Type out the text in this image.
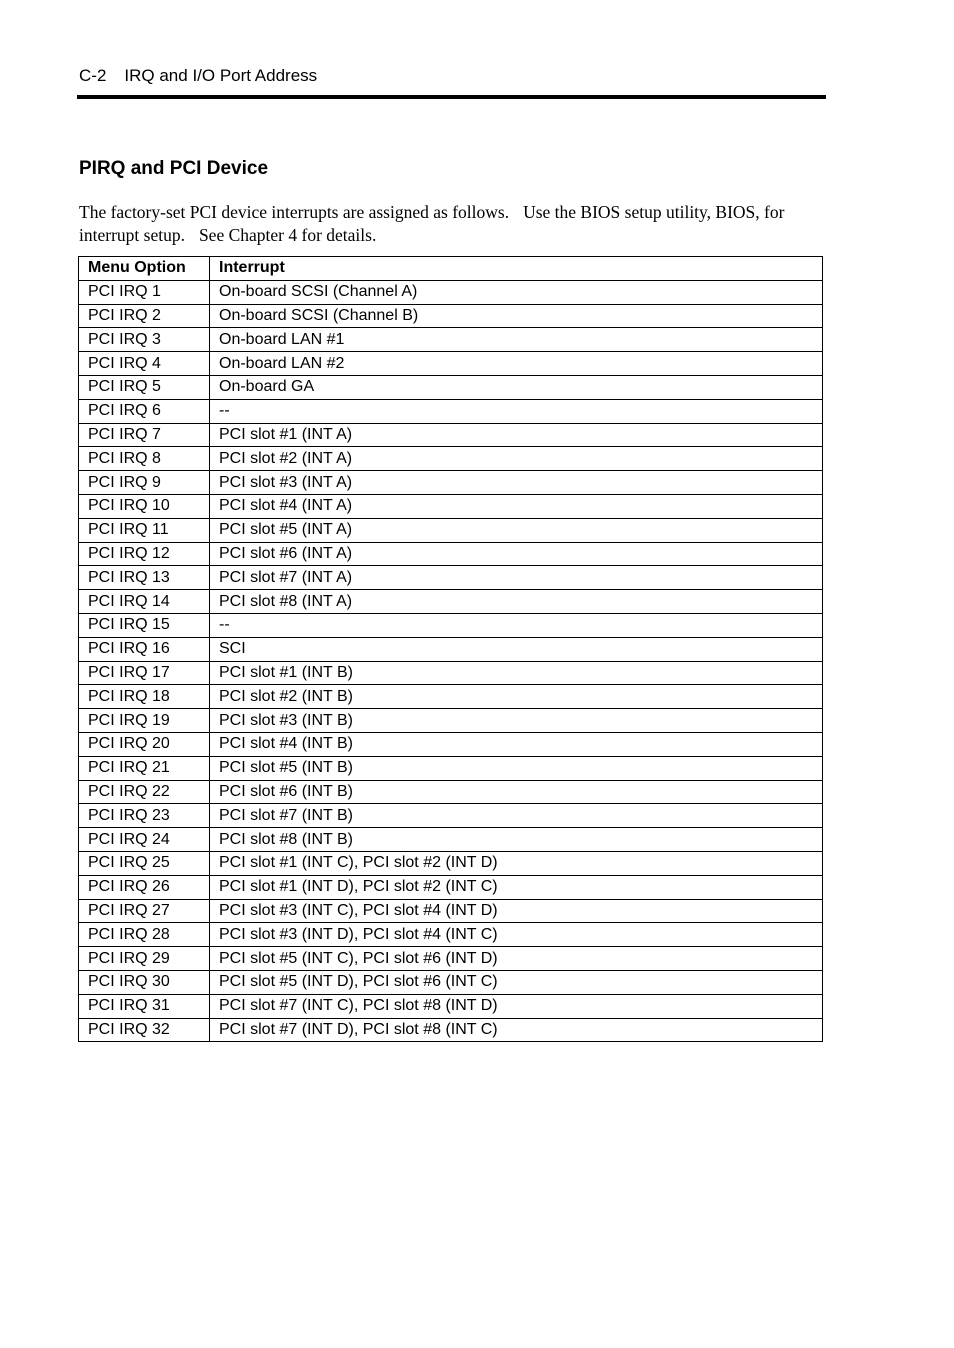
C-2 IRQ and I/O Port Address
PIRQ and PCI Device

The factory-set PCI device interrupts are assigned as follows. Use the BIOS setup utility, BIOS, for interrupt setup. See Chapter 4 for details.

Menu Option	Interrupt
PCI IRQ 1	On-board SCSI (Channel A)
PCI IRQ 2	On-board SCSI (Channel B)
PCI IRQ 3	On-board LAN #1
PCI IRQ 4	On-board LAN #2
PCI IRQ 5	On-board GA
PCI IRQ 6	--
PCI IRQ 7	PCI slot #1 (INT A)
PCI IRQ 8	PCI slot #2 (INT A)
PCI IRQ 9	PCI slot #3 (INT A)
PCI IRQ 10	PCI slot #4 (INT A)
PCI IRQ 11	PCI slot #5 (INT A)
PCI IRQ 12	PCI slot #6 (INT A)
PCI IRQ 13	PCI slot #7 (INT A)
PCI IRQ 14	PCI slot #8 (INT A)
PCI IRQ 15	--
PCI IRQ 16	SCI
PCI IRQ 17	PCI slot #1 (INT B)
PCI IRQ 18	PCI slot #2 (INT B)
PCI IRQ 19	PCI slot #3 (INT B)
PCI IRQ 20	PCI slot #4 (INT B)
PCI IRQ 21	PCI slot #5 (INT B)
PCI IRQ 22	PCI slot #6 (INT B)
PCI IRQ 23	PCI slot #7 (INT B)
PCI IRQ 24	PCI slot #8 (INT B)
PCI IRQ 25	PCI slot #1 (INT C), PCI slot #2 (INT D)
PCI IRQ 26	PCI slot #1 (INT D), PCI slot #2 (INT C)
PCI IRQ 27	PCI slot #3 (INT C), PCI slot #4 (INT D)
PCI IRQ 28	PCI slot #3 (INT D), PCI slot #4 (INT C)
PCI IRQ 29	PCI slot #5 (INT C), PCI slot #6 (INT D)
PCI IRQ 30	PCI slot #5 (INT D), PCI slot #6 (INT C)
PCI IRQ 31	PCI slot #7 (INT C), PCI slot #8 (INT D)
PCI IRQ 32	PCI slot #7 (INT D), PCI slot #8 (INT C)
